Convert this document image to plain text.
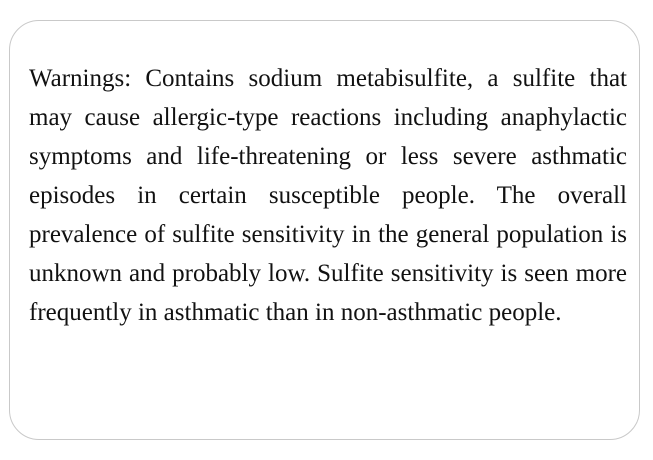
Warnings: Contains sodium metabisulfite, a sulfite that may cause allergic-type reactions including anaphylactic symptoms and life-threatening or less severe asthmatic episodes in certain susceptible people. The overall prevalence of sulfite sensitivity in the general population is unknown and probably low. Sulfite sensitivity is seen more frequently in asthmatic than in non-asthmatic people.
